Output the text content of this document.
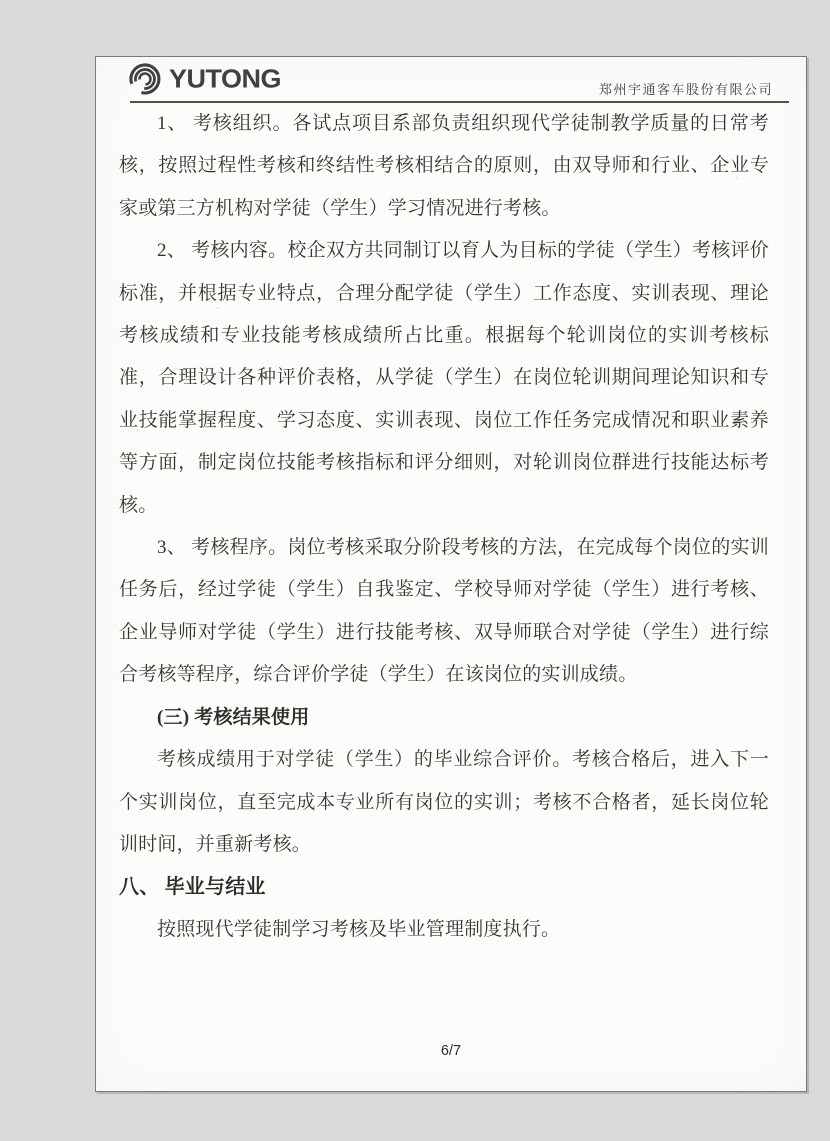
YUTONG	郑州宇通客车股份有限公司

1、 考核组织。各试点项目系部负责组织现代学徒制教学质量的日常考核，按照过程性考核和终结性考核相结合的原则，由双导师和行业、企业专家或第三方机构对学徒（学生）学习情况进行考核。

2、 考核内容。校企双方共同制订以育人为目标的学徒（学生）考核评价标准，并根据专业特点，合理分配学徒（学生）工作态度、实训表现、理论考核成绩和专业技能考核成绩所占比重。根据每个轮训岗位的实训考核标准，合理设计各种评价表格，从学徒（学生）在岗位轮训期间理论知识和专业技能掌握程度、学习态度、实训表现、岗位工作任务完成情况和职业素养等方面，制定岗位技能考核指标和评分细则，对轮训岗位群进行技能达标考核。

3、 考核程序。岗位考核采取分阶段考核的方法，在完成每个岗位的实训任务后，经过学徒（学生）自我鉴定、学校导师对学徒（学生）进行考核、企业导师对学徒（学生）进行技能考核、双导师联合对学徒（学生）进行综合考核等程序，综合评价学徒（学生）在该岗位的实训成绩。

(三) 考核结果使用

考核成绩用于对学徒（学生）的毕业综合评价。考核合格后，进入下一个实训岗位，直至完成本专业所有岗位的实训；考核不合格者，延长岗位轮训时间，并重新考核。

八、 毕业与结业

按照现代学徒制学习考核及毕业管理制度执行。

6/7
